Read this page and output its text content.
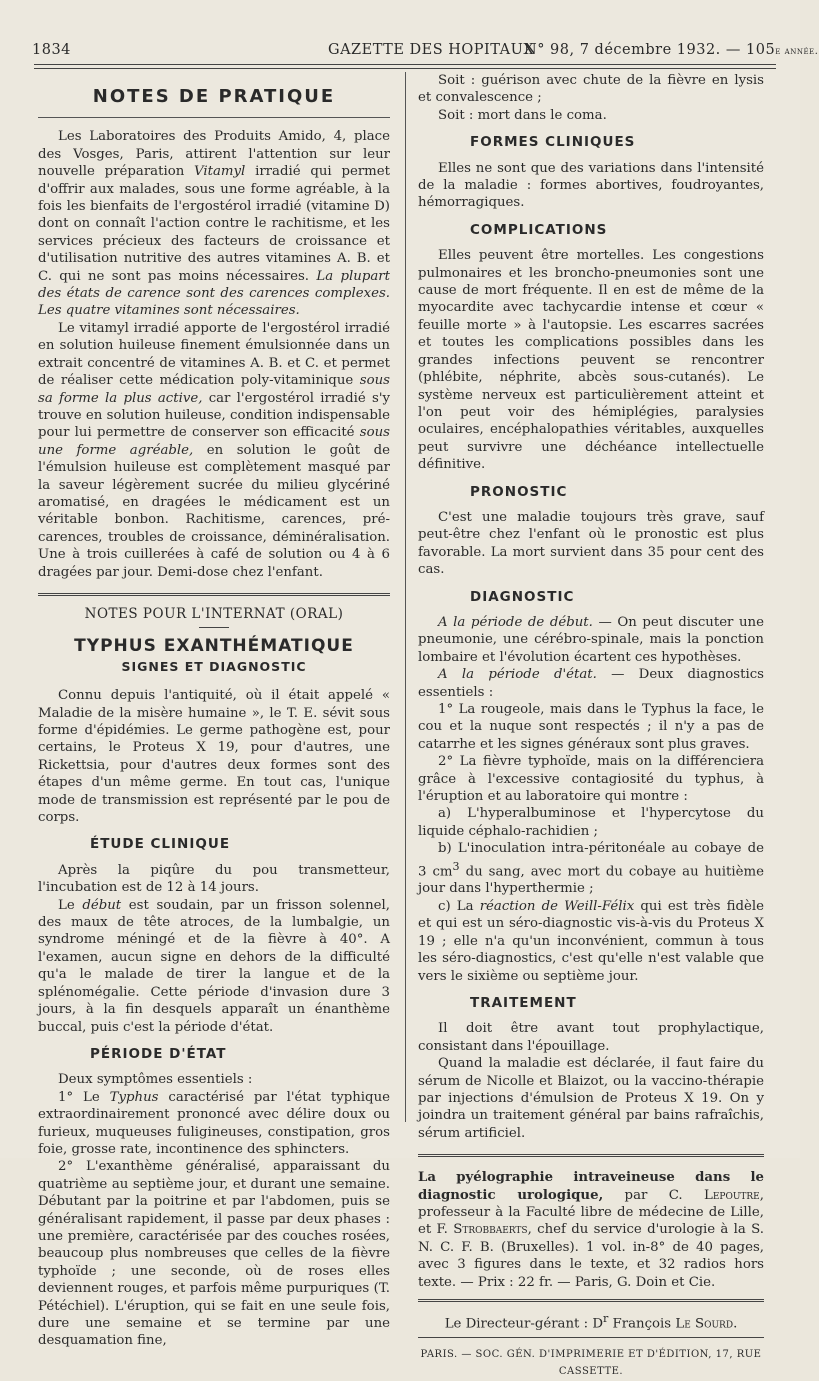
1834	GAZETTE DES HOPITAUX
N° 98, 7 décembre 1932. — 105e année.
NOTES DE PRATIQUE

Les Laboratoires des Produits Amido, 4, place des Vosges, Paris, attirent l'attention sur leur nouvelle préparation Vitamyl irradié qui permet d'offrir aux malades, sous une forme agréable, à la fois les bienfaits de l'ergostérol irradié (vitamine D) dont on connaît l'action contre le rachitisme, et les services précieux des facteurs de croissance et d'utilisation nutritive des autres vitamines A. B. et C. qui ne sont pas moins nécessaires. La plupart des états de carence sont des carences complexes. Les quatre vitamines sont nécessaires.

Le vitamyl irradié apporte de l'ergostérol irradié en solution huileuse finement émulsionnée dans un extrait concentré de vitamines A. B. et C. et permet de réaliser cette médication poly-vitaminique sous sa forme la plus active, car l'ergostérol irradié s'y trouve en solution huileuse, condition indispensable pour lui permettre de conserver son efficacité sous une forme agréable, en solution le goût de l'émulsion huileuse est complètement masqué par la saveur légèrement sucrée du milieu glycériné aromatisé, en dragées le médicament est un véritable bonbon. Rachitisme, carences, pré-carences, troubles de croissance, déminéralisation. Une à trois cuillerées à café de solution ou 4 à 6 dragées par jour. Demi-dose chez l'enfant.

NOTES POUR L'INTERNAT (ORAL)
TYPHUS EXANTHÉMATIQUE
SIGNES ET DIAGNOSTIC

Connu depuis l'antiquité, où il était appelé « Maladie de la misère humaine », le T. E. sévit sous forme d'épidémies. Le germe pathogène est, pour certains, le Proteus X 19, pour d'autres, une Rickettsia, pour d'autres deux formes sont des étapes d'un même germe. En tout cas, l'unique mode de transmission est représenté par le pou de corps.

ÉTUDE CLINIQUE

Après la piqûre du pou transmetteur, l'incubation est de 12 à 14 jours.

Le début est soudain, par un frisson solennel, des maux de tête atroces, de la lumbalgie, un syndrome méningé et de la fièvre à 40°. A l'examen, aucun signe en dehors de la difficulté qu'a le malade de tirer la langue et de la splénomégalie. Cette période d'invasion dure 3 jours, à la fin desquels apparaît un énanthème buccal, puis c'est la période d'état.

PÉRIODE D'ÉTAT

Deux symptômes essentiels :

1° Le Typhus caractérisé par l'état typhique extraordinairement prononcé avec délire doux ou furieux, muqueuses fuligineuses, constipation, gros foie, grosse rate, incontinence des sphincters.

2° L'exanthème généralisé, apparaissant du quatrième au septième jour, et durant une semaine. Débutant par la poitrine et par l'abdomen, puis se généralisant rapidement, il passe par deux phases : une première, caractérisée par des couches rosées, beaucoup plus nombreuses que celles de la fièvre typhoïde ; une seconde, où de roses elles deviennent rouges, et parfois même purpuriques (T. Pétéchiel). L'éruption, qui se fait en une seule fois, dure une semaine et se termine par une desquamation fine,

Soit : guérison avec chute de la fièvre en lysis et convalescence ;

Soit : mort dans le coma.

FORMES CLINIQUES

Elles ne sont que des variations dans l'intensité de la maladie : formes abortives, foudroyantes, hémorragiques.

COMPLICATIONS

Elles peuvent être mortelles. Les congestions pulmonaires et les broncho-pneumonies sont une cause de mort fréquente. Il en est de même de la myocardite avec tachycardie intense et cœur « feuille morte » à l'autopsie. Les escarres sacrées et toutes les complications possibles dans les grandes infections peuvent se rencontrer (phlébite, néphrite, abcès sous-cutanés). Le système nerveux est particulièrement atteint et l'on peut voir des hémiplégies, paralysies oculaires, encéphalopathies véritables, auxquelles peut survivre une déchéance intellectuelle définitive.

PRONOSTIC

C'est une maladie toujours très grave, sauf peut-être chez l'enfant où le pronostic est plus favorable. La mort survient dans 35 pour cent des cas.

DIAGNOSTIC

A la période de début. — On peut discuter une pneumonie, une cérébro-spinale, mais la ponction lombaire et l'évolution écartent ces hypothèses.

A la période d'état. — Deux diagnostics essentiels :

1° La rougeole, mais dans le Typhus la face, le cou et la nuque sont respectés ; il n'y a pas de catarrhe et les signes généraux sont plus graves.

2° La fièvre typhoïde, mais on la différenciera grâce à l'excessive contagiosité du typhus, à l'éruption et au laboratoire qui montre :

a) L'hyperalbuminose et l'hypercytose du liquide céphalo-rachidien ;

b) L'inoculation intra-péritonéale au cobaye de 3 $cm^3$ du sang, avec mort du cobaye au huitième jour dans l'hyperthermie ;

c) La réaction de Weill-Félix qui est très fidèle et qui est un séro-diagnostic vis-à-vis du Proteus X 19 ; elle n'a qu'un inconvénient, commun à tous les séro-diagnostics, c'est qu'elle n'est valable que vers le sixième ou septième jour.

TRAITEMENT

Il doit être avant tout prophylactique, consistant dans l'épouillage.

Quand la maladie est déclarée, il faut faire du sérum de Nicolle et Blaizot, ou la vaccino-thérapie par injections d'émulsion de Proteus X 19. On y joindra un traitement général par bains rafraîchis, sérum artificiel.

La pyélographie intraveineuse dans le diagnostic urologique, par C. Lepoutre, professeur à la Faculté libre de médecine de Lille, et F. Strobbaerts, chef du service d'urologie à la S. N. C. F. B. (Bruxelles). 1 vol. in-8° de 40 pages, avec 3 figures dans le texte, et 32 radios hors texte. — Prix : 22 fr. — Paris, G. Doin et Cie.

Le Directeur-gérant : $D^r$ François Le Sourd.
PARIS. — SOC. GÉN. D'IMPRIMERIE ET D'ÉDITION, 17, RUE CASSETTE.
